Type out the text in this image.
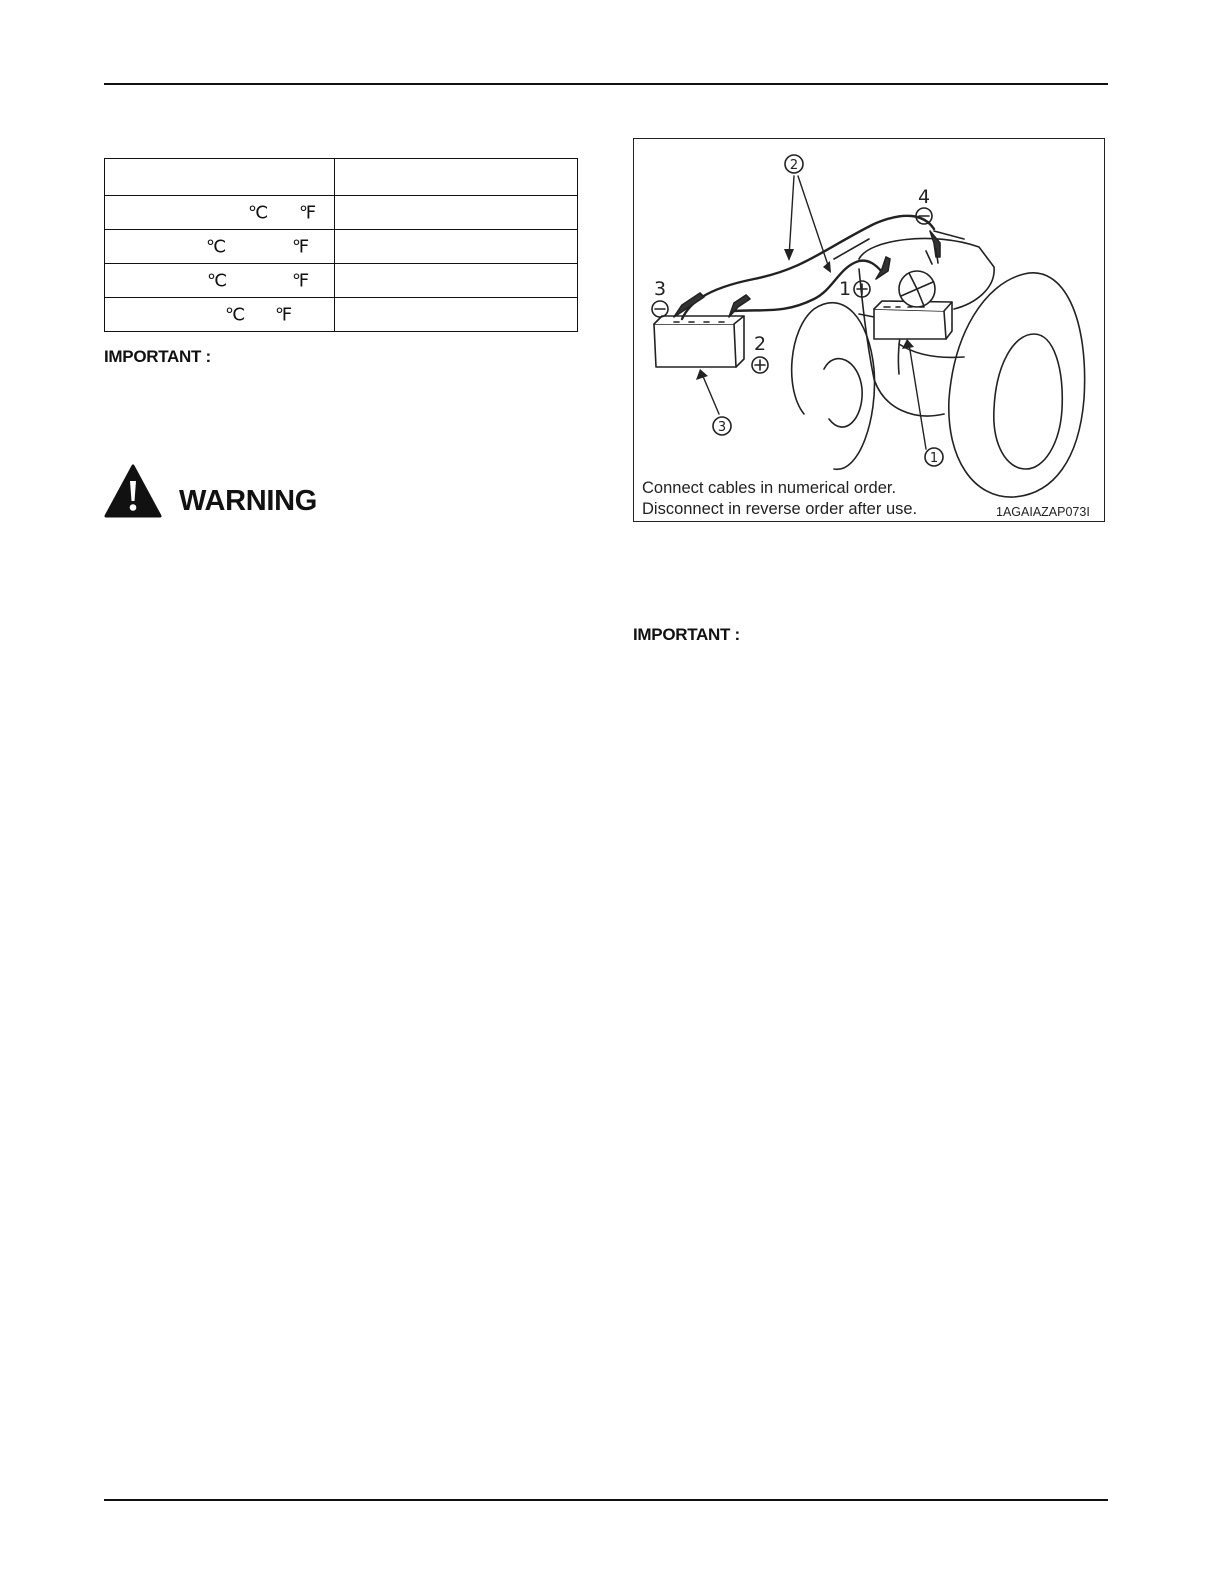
℃ ℉	

℃ ℉	

℃ ℉	

℃ ℉	

IMPORTANT :
WARNING
4
3	1
2
2
1
3
Connect cables in numerical order.
Disconnect in reverse order after use.	1AGAIAZAP073I
IMPORTANT :
